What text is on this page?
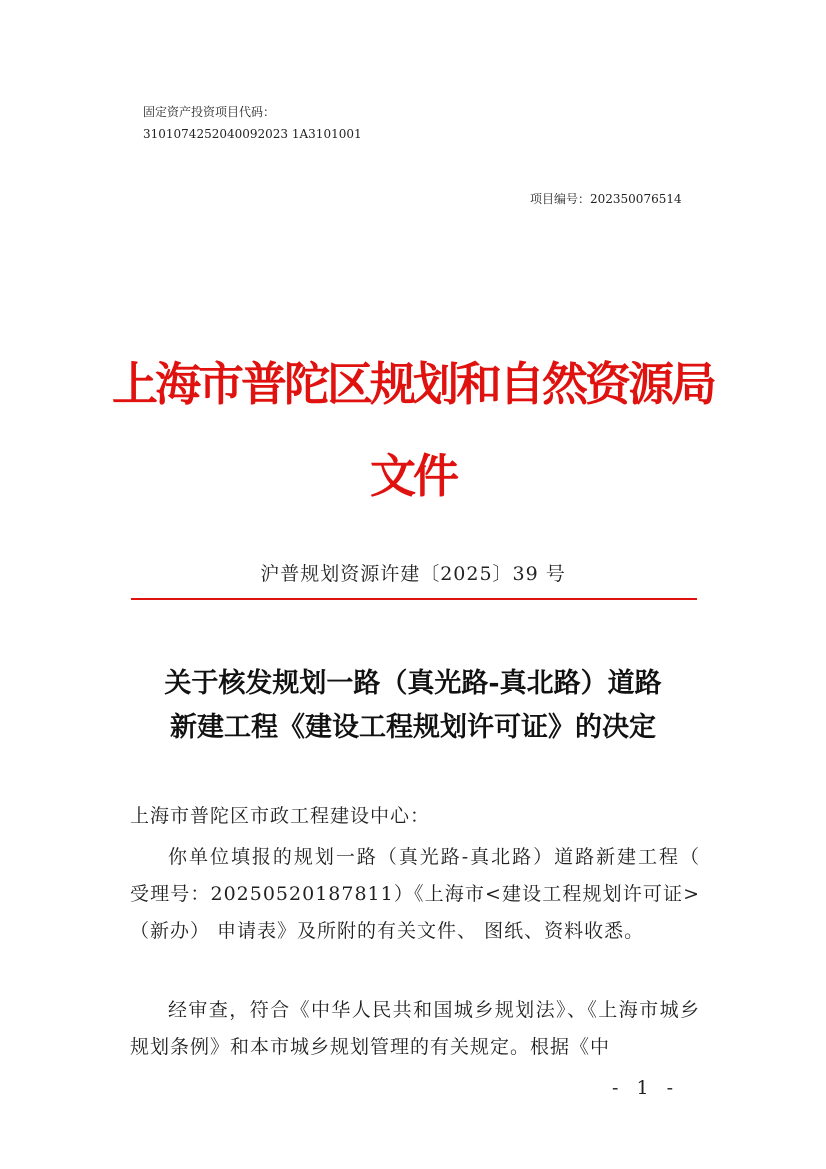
固定资产投资项目代码：
3101074252040092023 1A3101001
项目编号：202350076514
上海市普陀区规划和自然资源局
文件
沪普规划资源许建〔2025〕39 号
关于核发规划一路（真光路-真北路）道路
新建工程《建设工程规划许可证》的决定
上海市普陀区市政工程建设中心：
你单位填报的规划一路（真光路-真北路）道路新建工程（ 受理号：20250520187811）《上海市<建设工程规划许可证>（新办） 申请表》及所附的有关文件、 图纸、资料收悉。
经审查，符合《中华人民共和国城乡规划法》、《上海市城乡规划条例》和本市城乡规划管理的有关规定。根据《中
- 1 -
